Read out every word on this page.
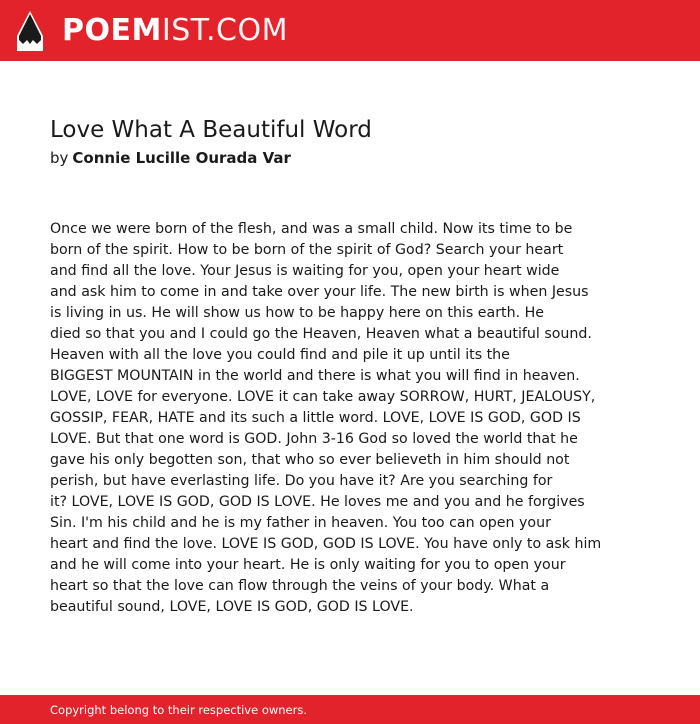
POEMIST.COM
Love What A Beautiful Word
by Connie Lucille Ourada Var
Once we were born of the flesh, and was a small child. Now its time to be
born of the spirit. How to be born of the spirit of God? Search your heart
and find all the love. Your Jesus is waiting for you, open your heart wide
and ask him to come in and take over your life. The new birth is when Jesus
is living in us. He will show us how to be happy here on this earth. He
died so that you and I could go the Heaven, Heaven what a beautiful sound.
Heaven with all the love you could find and pile it up until its the
BIGGEST MOUNTAIN in the world and there is what you will find in heaven.
LOVE, LOVE for everyone. LOVE it can take away SORROW, HURT, JEALOUSY,
GOSSIP, FEAR, HATE and its such a little word. LOVE, LOVE IS GOD, GOD IS
LOVE. But that one word is GOD. John 3-16 God so loved the world that he
gave his only begotten son, that who so ever believeth in him should not
perish, but have everlasting life. Do you have it? Are you searching for
it? LOVE, LOVE IS GOD, GOD IS LOVE. He loves me and you and he forgives
Sin. I'm his child and he is my father in heaven. You too can open your
heart and find the love. LOVE IS GOD, GOD IS LOVE. You have only to ask him
and he will come into your heart. He is only waiting for you to open your
heart so that the love can flow through the veins of your body. What a
beautiful sound, LOVE, LOVE IS GOD, GOD IS LOVE.
Copyright belong to their respective owners.
